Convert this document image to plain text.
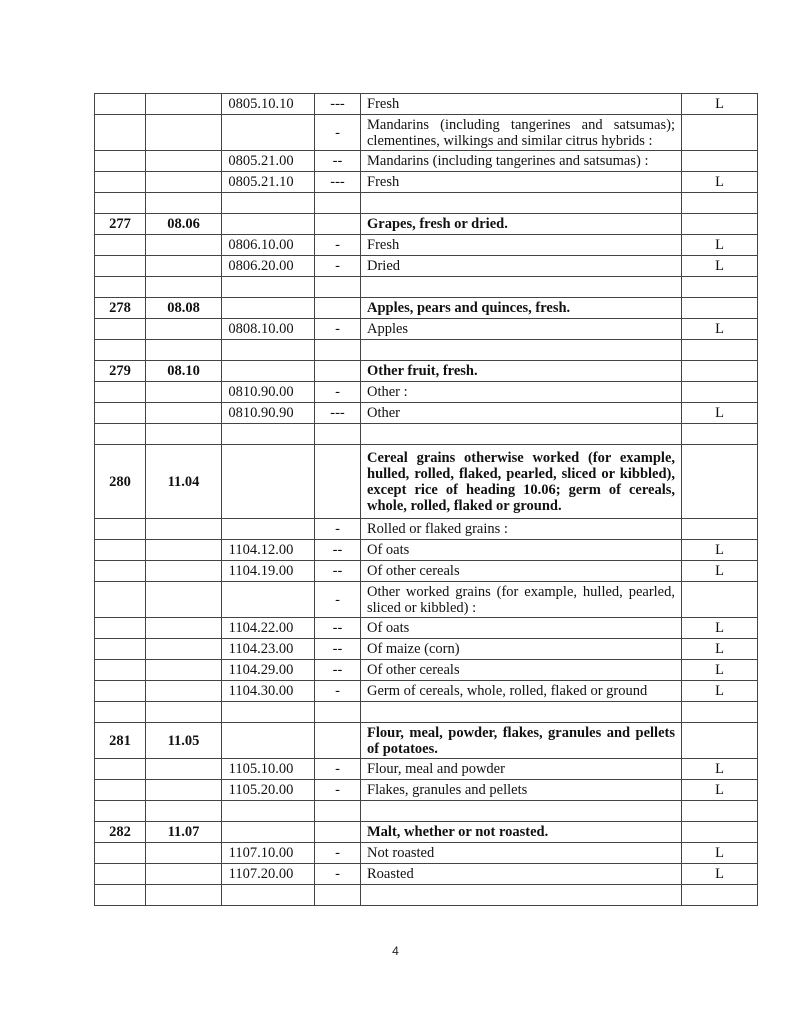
		0805.10.10	---	Fresh	L
			-	Mandarins (including tangerines and satsumas); clementines, wilkings and similar citrus hybrids :	
		0805.21.00	--	Mandarins (including tangerines and satsumas) :	
		0805.21.10	---	Fresh	L

277	08.06			Grapes, fresh or dried.	
		0806.10.00	-	Fresh	L
		0806.20.00	-	Dried	L

278	08.08			Apples, pears and quinces, fresh.	
		0808.10.00	-	Apples	L

279	08.10			Other fruit, fresh.	
		0810.90.00	-	Other :	
		0810.90.90	---	Other	L

280	11.04			Cereal grains otherwise worked (for example, hulled, rolled, flaked, pearled, sliced or kibbled), except rice of heading 10.06; germ of cereals, whole, rolled, flaked or ground.	
			-	Rolled or flaked grains :	
		1104.12.00	--	Of oats	L
		1104.19.00	--	Of other cereals	L
			-	Other worked grains (for example, hulled, pearled, sliced or kibbled) :	
		1104.22.00	--	Of oats	L
		1104.23.00	--	Of maize (corn)	L
		1104.29.00	--	Of other cereals	L
		1104.30.00	-	Germ of cereals, whole, rolled, flaked or ground	L

281	11.05			Flour, meal, powder, flakes, granules and pellets of potatoes.	
		1105.10.00	-	Flour, meal and powder	L
		1105.20.00	-	Flakes, granules and pellets	L

282	11.07			Malt, whether or not roasted.	
		1107.10.00	-	Not roasted	L
		1107.20.00	-	Roasted	L

4
